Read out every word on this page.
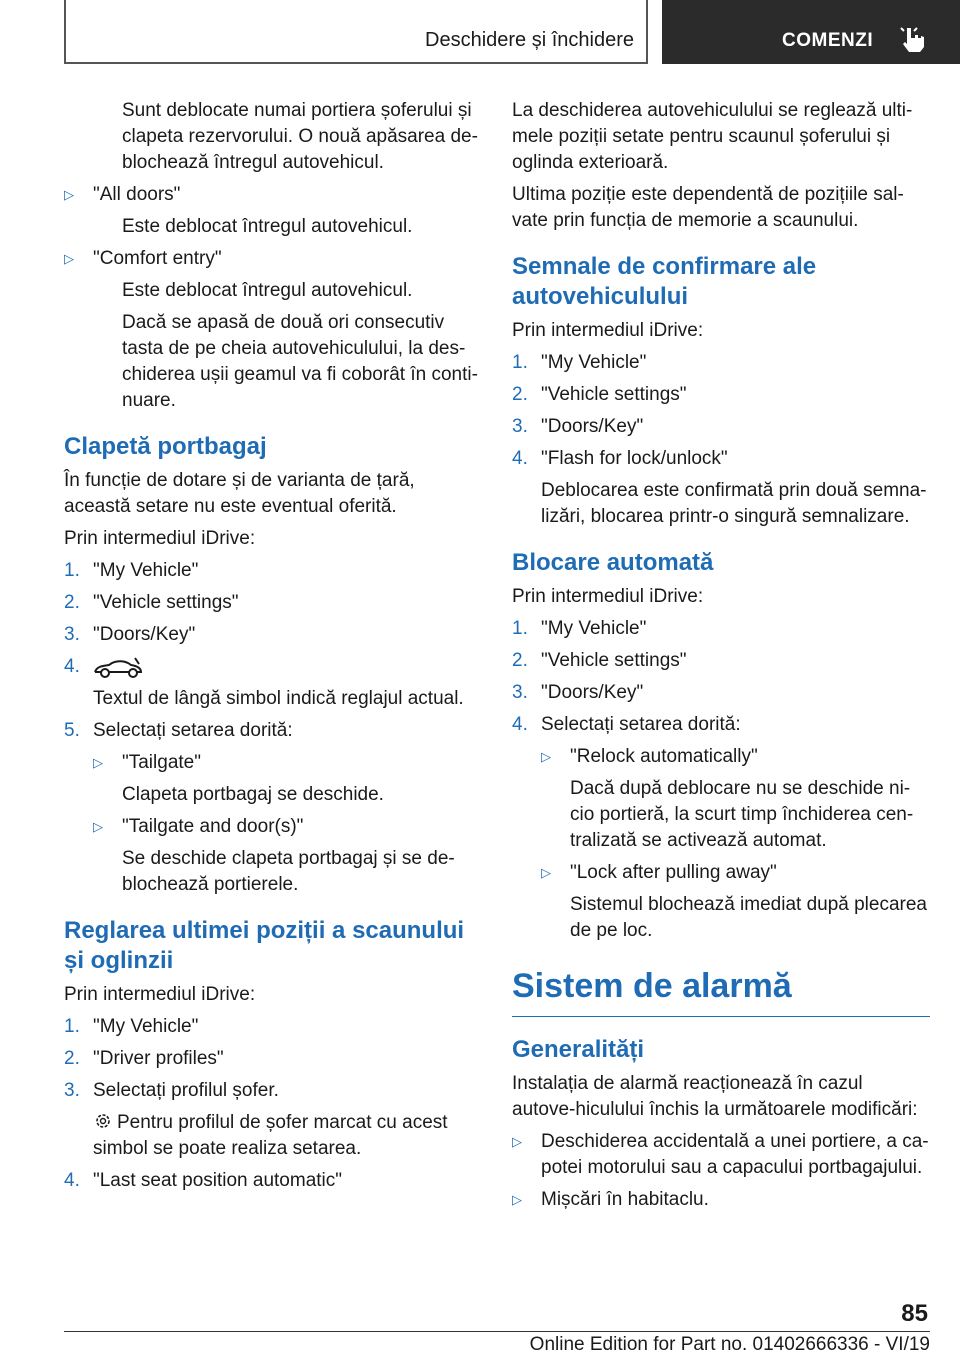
Deschidere și închidere	COMENZI

Sunt deblocate numai portiera șoferului și clapeta rezervorului. O nouă apăsarea de-blochează întregul autovehicul.

▷	"All doors"

Este deblocat întregul autovehicul.

▷	"Comfort entry"

Este deblocat întregul autovehicul.

Dacă se apasă de două ori consecutiv tasta de pe cheia autovehiculului, la des-chiderea ușii geamul va fi coborât în conti-nuare.

Clapetă portbagaj

În funcție de dotare și de varianta de țară, această setare nu este eventual oferită.

Prin intermediul iDrive:

1. "My Vehicle"
2. "Vehicle settings"
3. "Doors/Key"
4.

Textul de lângă simbol indică reglajul actual.

5. Selectați setarea dorită:
▷	"Tailgate"

Clapeta portbagaj se deschide.

▷	"Tailgate and door(s)"

Se deschide clapeta portbagaj și se de-blochează portierele.

Reglarea ultimei poziții a scaunului și oglinzii

Prin intermediul iDrive:

1. "My Vehicle"
2. "Driver profiles"
3. Selectați profilul șofer.

Pentru profilul de șofer marcat cu acest simbol se poate realiza setarea.

4. "Last seat position automatic"

La deschiderea autovehiculului se reglează ulti-mele poziții setate pentru scaunul șoferului și oglinda exterioară.

Ultima poziție este dependentă de pozițiile sal-vate prin funcția de memorie a scaunului.

Semnale de confirmare ale autovehiculului

Prin intermediul iDrive:

1. "My Vehicle"
2. "Vehicle settings"
3. "Doors/Key"
4. "Flash for lock/unlock"

Deblocarea este confirmată prin două semna-lizări, blocarea printr-o singură semnalizare.

Blocare automată

Prin intermediul iDrive:

1. "My Vehicle"
2. "Vehicle settings"
3. "Doors/Key"
4. Selectați setarea dorită:
▷	"Relock automatically"

Dacă după deblocare nu se deschide ni-cio portieră, la scurt timp închiderea cen-tralizată se activează automat.

▷	"Lock after pulling away"

Sistemul blochează imediat după plecarea de pe loc.

Sistem de alarmă
Generalități

Instalația de alarmă reacționează în cazul autove-hiculului închis la următoarele modificări:

▷	Deschiderea accidentală a unei portiere, a ca-potei motorului sau a capacului portbagajului.
▷	Mișcări în habitaclu.
85
Online Edition for Part no. 01402666336 - VI/19
